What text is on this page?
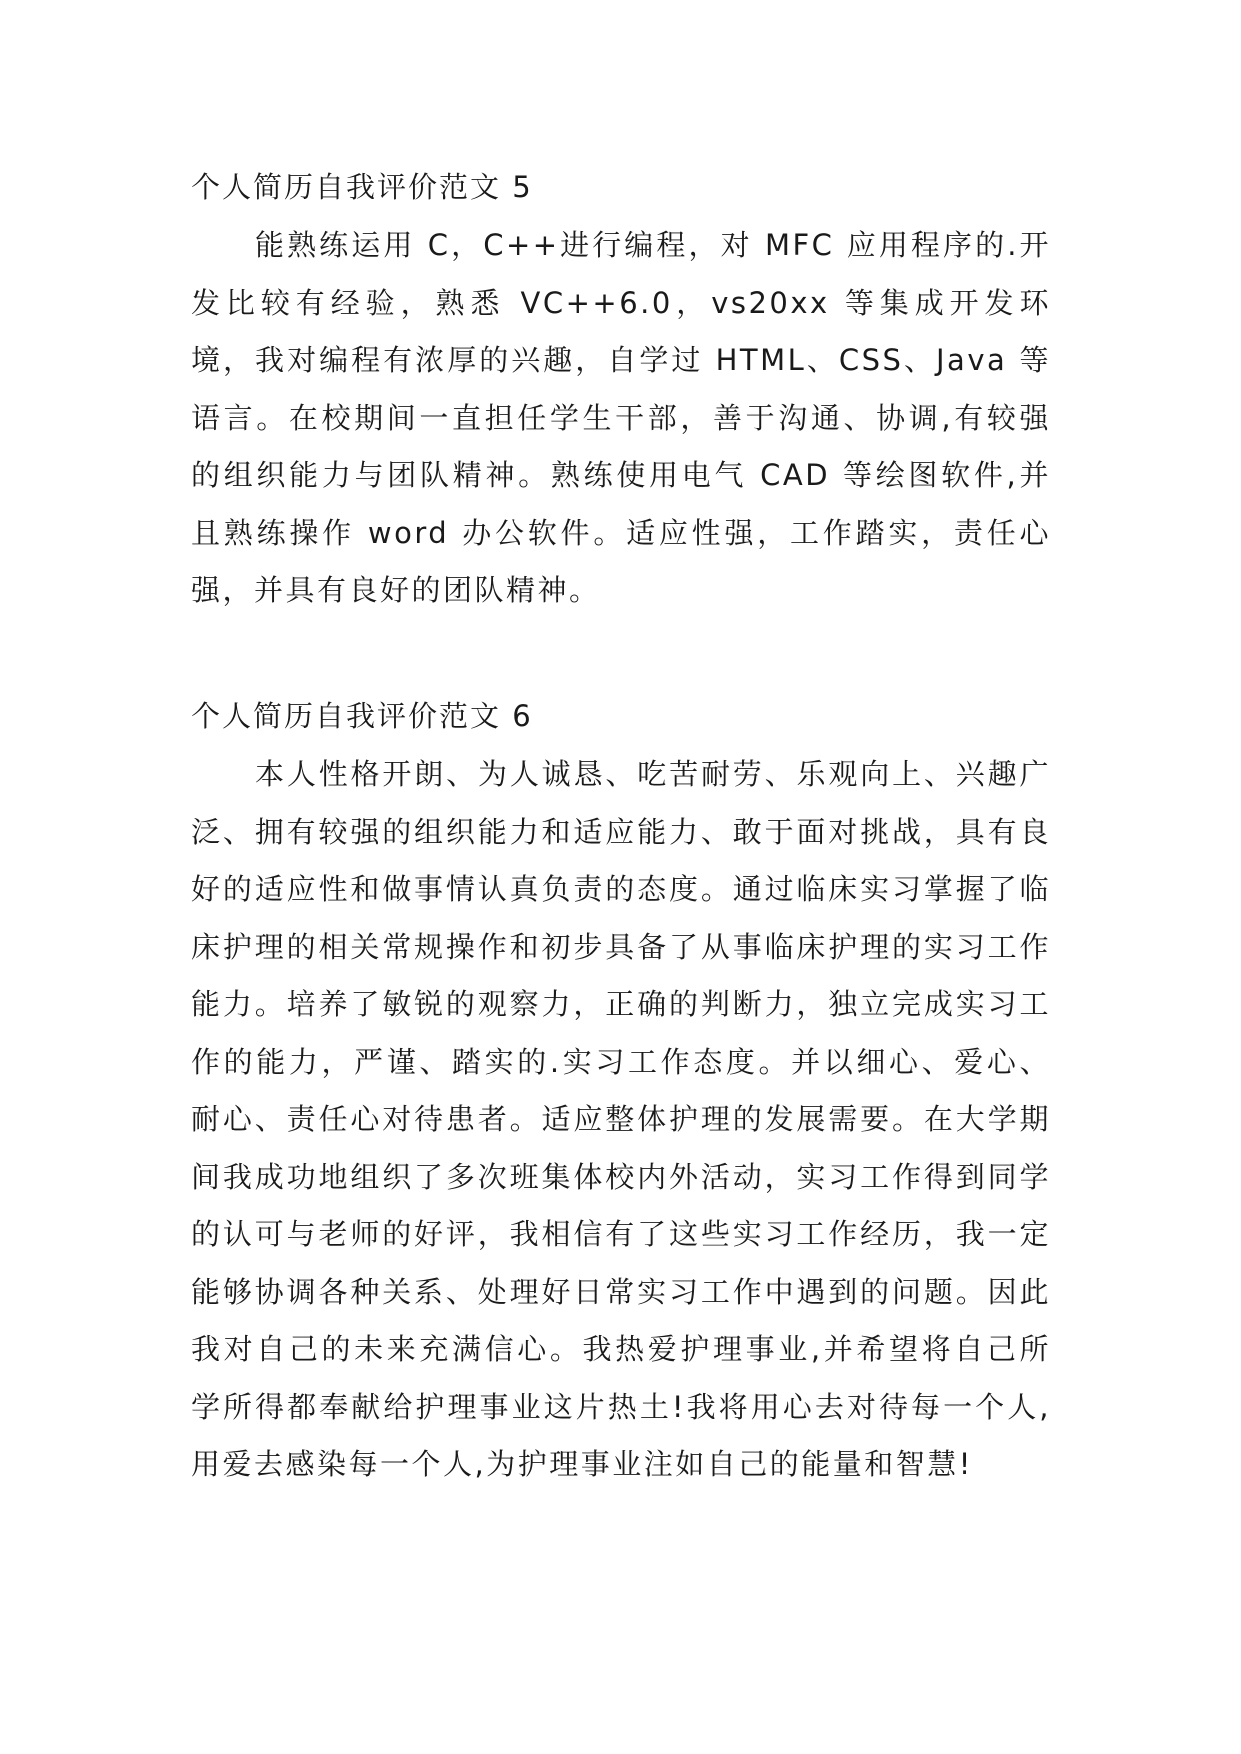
个人简历自我评价范文 5

能熟练运用 C，C++进行编程，对 MFC 应用程序的.开发比较有经验，熟悉 VC++6.0，vs20xx 等集成开发环境，我对编程有浓厚的兴趣，自学过 HTML、CSS、Java 等语言。在校期间一直担任学生干部，善于沟通、协调,有较强的组织能力与团队精神。熟练使用电气 CAD 等绘图软件,并且熟练操作 word 办公软件。适应性强，工作踏实，责任心强，并具有良好的团队精神。

个人简历自我评价范文 6

本人性格开朗、为人诚恳、吃苦耐劳、乐观向上、兴趣广泛、拥有较强的组织能力和适应能力、敢于面对挑战，具有良好的适应性和做事情认真负责的态度。通过临床实习掌握了临床护理的相关常规操作和初步具备了从事临床护理的实习工作能力。培养了敏锐的观察力，正确的判断力，独立完成实习工作的能力，严谨、踏实的.实习工作态度。并以细心、爱心、耐心、责任心对待患者。适应整体护理的发展需要。在大学期间我成功地组织了多次班集体校内外活动，实习工作得到同学的认可与老师的好评，我相信有了这些实习工作经历，我一定能够协调各种关系、处理好日常实习工作中遇到的问题。因此我对自己的未来充满信心。我热爱护理事业,并希望将自己所学所得都奉献给护理事业这片热土!我将用心去对待每一个人,用爱去感染每一个人,为护理事业注如自己的能量和智慧!
